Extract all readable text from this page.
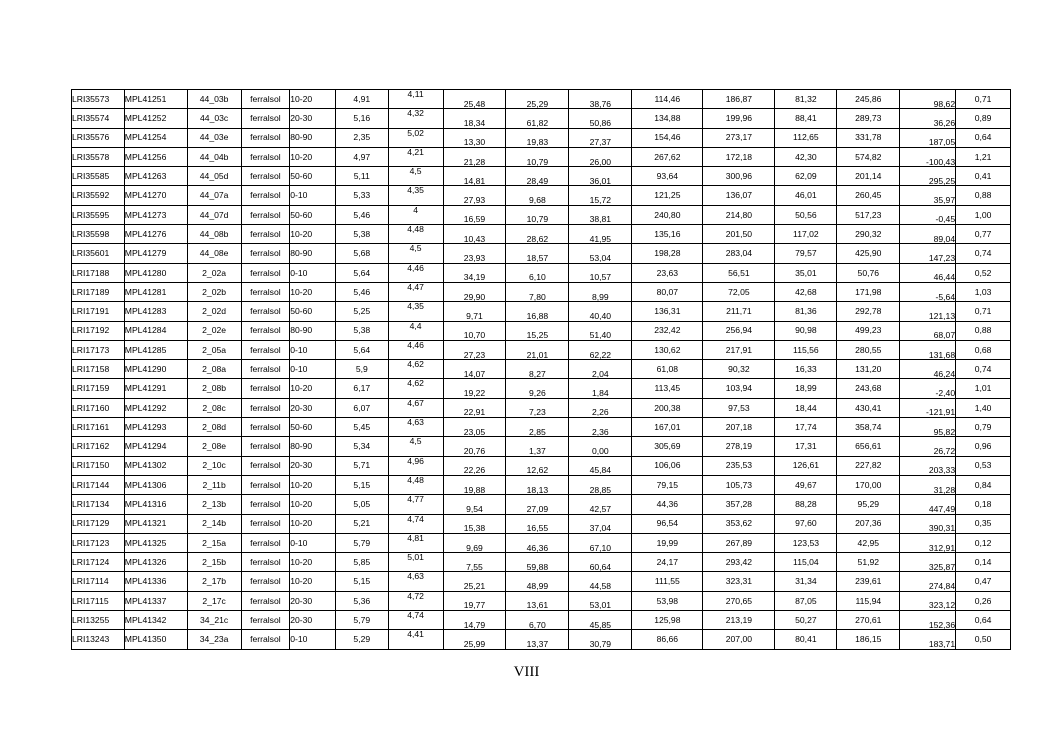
LRI35573	MPL41251	44_03b	ferralsol	10-20	4,91	4,11	25,48	25,29	38,76	114,46	186,87	81,32	245,86	98,62	0,71
LRI35574	MPL41252	44_03c	ferralsol	20-30	5,16	4,32	18,34	61,82	50,86	134,88	199,96	88,41	289,73	36,26	0,89
LRI35576	MPL41254	44_03e	ferralsol	80-90	2,35	5,02	13,30	19,83	27,37	154,46	273,17	112,65	331,78	187,05	0,64
LRI35578	MPL41256	44_04b	ferralsol	10-20	4,97	4,21	21,28	10,79	26,00	267,62	172,18	42,30	574,82	-100,43	1,21
LRI35585	MPL41263	44_05d	ferralsol	50-60	5,11	4,5	14,81	28,49	36,01	93,64	300,96	62,09	201,14	295,25	0,41
LRI35592	MPL41270	44_07a	ferralsol	0-10	5,33	4,35	27,93	9,68	15,72	121,25	136,07	46,01	260,45	35,97	0,88
LRI35595	MPL41273	44_07d	ferralsol	50-60	5,46	4	16,59	10,79	38,81	240,80	214,80	50,56	517,23	-0,45	1,00
LRI35598	MPL41276	44_08b	ferralsol	10-20	5,38	4,48	10,43	28,62	41,95	135,16	201,50	117,02	290,32	89,04	0,77
LRI35601	MPL41279	44_08e	ferralsol	80-90	5,68	4,5	23,93	18,57	53,04	198,28	283,04	79,57	425,90	147,23	0,74
LRI17188	MPL41280	2_02a	ferralsol	0-10	5,64	4,46	34,19	6,10	10,57	23,63	56,51	35,01	50,76	46,44	0,52
LRI17189	MPL41281	2_02b	ferralsol	10-20	5,46	4,47	29,90	7,80	8,99	80,07	72,05	42,68	171,98	-5,64	1,03
LRI17191	MPL41283	2_02d	ferralsol	50-60	5,25	4,35	9,71	16,88	40,40	136,31	211,71	81,36	292,78	121,13	0,71
LRI17192	MPL41284	2_02e	ferralsol	80-90	5,38	4,4	10,70	15,25	51,40	232,42	256,94	90,98	499,23	68,07	0,88
LRI17173	MPL41285	2_05a	ferralsol	0-10	5,64	4,46	27,23	21,01	62,22	130,62	217,91	115,56	280,55	131,68	0,68
LRI17158	MPL41290	2_08a	ferralsol	0-10	5,9	4,62	14,07	8,27	2,04	61,08	90,32	16,33	131,20	46,24	0,74
LRI17159	MPL41291	2_08b	ferralsol	10-20	6,17	4,62	19,22	9,26	1,84	113,45	103,94	18,99	243,68	-2,40	1,01
LRI17160	MPL41292	2_08c	ferralsol	20-30	6,07	4,67	22,91	7,23	2,26	200,38	97,53	18,44	430,41	-121,91	1,40
LRI17161	MPL41293	2_08d	ferralsol	50-60	5,45	4,63	23,05	2,85	2,36	167,01	207,18	17,74	358,74	95,82	0,79
LRI17162	MPL41294	2_08e	ferralsol	80-90	5,34	4,5	20,76	1,37	0,00	305,69	278,19	17,31	656,61	26,72	0,96
LRI17150	MPL41302	2_10c	ferralsol	20-30	5,71	4,96	22,26	12,62	45,84	106,06	235,53	126,61	227,82	203,33	0,53
LRI17144	MPL41306	2_11b	ferralsol	10-20	5,15	4,48	19,88	18,13	28,85	79,15	105,73	49,67	170,00	31,28	0,84
LRI17134	MPL41316	2_13b	ferralsol	10-20	5,05	4,77	9,54	27,09	42,57	44,36	357,28	88,28	95,29	447,49	0,18
LRI17129	MPL41321	2_14b	ferralsol	10-20	5,21	4,74	15,38	16,55	37,04	96,54	353,62	97,60	207,36	390,31	0,35
LRI17123	MPL41325	2_15a	ferralsol	0-10	5,79	4,81	9,69	46,36	67,10	19,99	267,89	123,53	42,95	312,91	0,12
LRI17124	MPL41326	2_15b	ferralsol	10-20	5,85	5,01	7,55	59,88	60,64	24,17	293,42	115,04	51,92	325,87	0,14
LRI17114	MPL41336	2_17b	ferralsol	10-20	5,15	4,63	25,21	48,99	44,58	111,55	323,31	31,34	239,61	274,84	0,47
LRI17115	MPL41337	2_17c	ferralsol	20-30	5,36	4,72	19,77	13,61	53,01	53,98	270,65	87,05	115,94	323,12	0,26
LRI13255	MPL41342	34_21c	ferralsol	20-30	5,79	4,74	14,79	6,70	45,85	125,98	213,19	50,27	270,61	152,36	0,64
LRI13243	MPL41350	34_23a	ferralsol	0-10	5,29	4,41	25,99	13,37	30,79	86,66	207,00	80,41	186,15	183,71	0,50
VIII
